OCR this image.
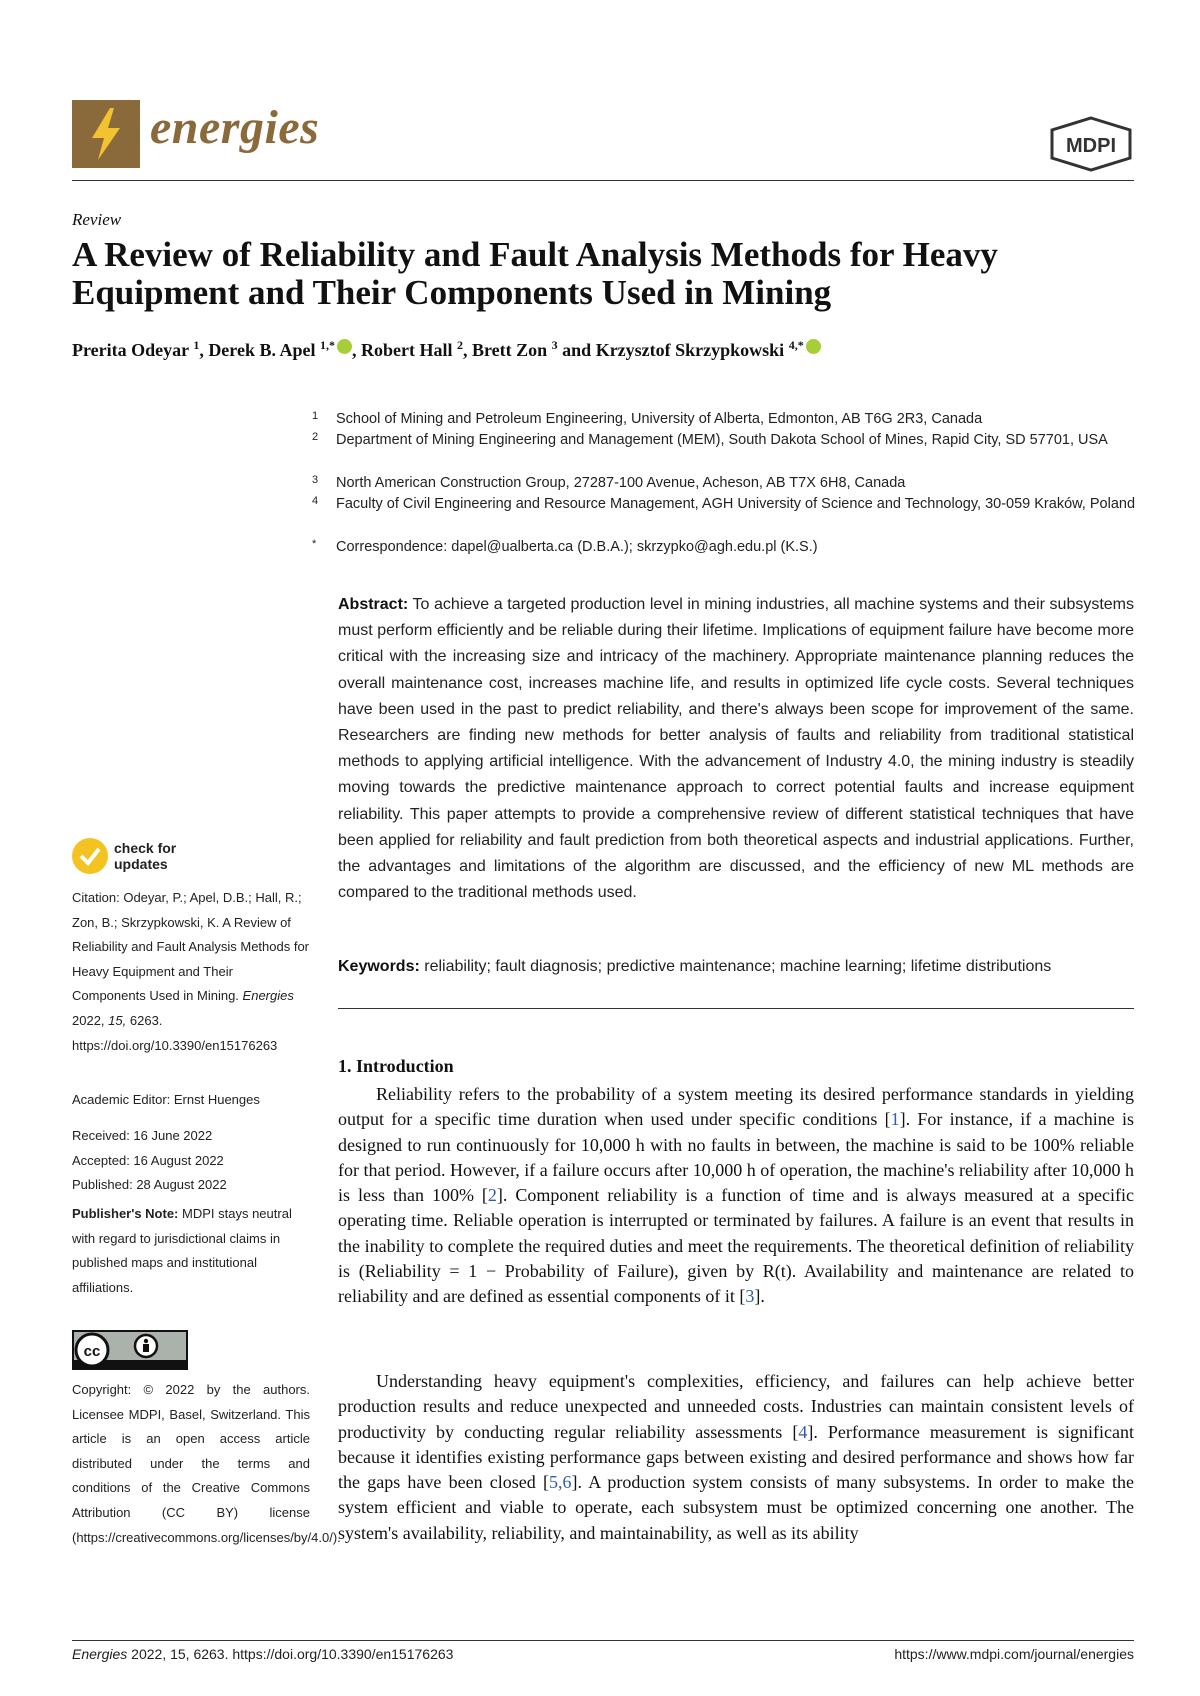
energies	MDPI
Review
A Review of Reliability and Fault Analysis Methods for Heavy Equipment and Their Components Used in Mining
Prerita Odeyar $^1$, Derek B. Apel $^{1,*}$ , Robert Hall $^2$, Brett Zon $^3$ and Krzysztof Skrzypkowski $^{4,*}$
1 School of Mining and Petroleum Engineering, University of Alberta, Edmonton, AB T6G 2R3, Canada
2 Department of Mining Engineering and Management (MEM), South Dakota School of Mines, Rapid City, SD 57701, USA
3 North American Construction Group, 27287-100 Avenue, Acheson, AB T7X 6H8, Canada
4 Faculty of Civil Engineering and Resource Management, AGH University of Science and Technology, 30-059 Kraków, Poland
* Correspondence: dapel@ualberta.ca (D.B.A.); skrzypko@agh.edu.pl (K.S.)
Abstract: To achieve a targeted production level in mining industries, all machine systems and their subsystems must perform efficiently and be reliable during their lifetime. Implications of equipment failure have become more critical with the increasing size and intricacy of the machinery. Appropriate maintenance planning reduces the overall maintenance cost, increases machine life, and results in optimized life cycle costs. Several techniques have been used in the past to predict reliability, and there's always been scope for improvement of the same. Researchers are finding new methods for better analysis of faults and reliability from traditional statistical methods to applying artificial intelligence. With the advancement of Industry 4.0, the mining industry is steadily moving towards the predictive maintenance approach to correct potential faults and increase equipment reliability. This paper attempts to provide a comprehensive review of different statistical techniques that have been applied for reliability and fault prediction from both theoretical aspects and industrial applications. Further, the advantages and limitations of the algorithm are discussed, and the efficiency of new ML methods are compared to the traditional methods used.
Keywords: reliability; fault diagnosis; predictive maintenance; machine learning; lifetime distributions
check for
updates
Citation: Odeyar, P.; Apel, D.B.; Hall, R.; Zon, B.; Skrzypkowski, K. A Review of Reliability and Fault Analysis Methods for Heavy Equipment and Their Components Used in Mining. Energies 2022, 15, 6263. https://doi.org/10.3390/en15176263
Academic Editor: Ernst Huenges
Received: 16 June 2022
Accepted: 16 August 2022
Published: 28 August 2022
Publisher's Note: MDPI stays neutral with regard to jurisdictional claims in published maps and institutional affiliations.
cc
Copyright: © 2022 by the authors. Licensee MDPI, Basel, Switzerland. This article is an open access article distributed under the terms and conditions of the Creative Commons Attribution (CC BY) license (https://creativecommons.org/licenses/by/4.0/).
1. Introduction
Reliability refers to the probability of a system meeting its desired performance standards in yielding output for a specific time duration when used under specific conditions [1]. For instance, if a machine is designed to run continuously for 10,000 h with no faults in between, the machine is said to be 100% reliable for that period. However, if a failure occurs after 10,000 h of operation, the machine's reliability after 10,000 h is less than 100% [2]. Component reliability is a function of time and is always measured at a specific operating time. Reliable operation is interrupted or terminated by failures. A failure is an event that results in the inability to complete the required duties and meet the requirements. The theoretical definition of reliability is (Reliability = 1 − Probability of Failure), given by R(t). Availability and maintenance are related to reliability and are defined as essential components of it [3].
Understanding heavy equipment's complexities, efficiency, and failures can help achieve better production results and reduce unexpected and unneeded costs. Industries can maintain consistent levels of productivity by conducting regular reliability assessments [4]. Performance measurement is significant because it identifies existing performance gaps between existing and desired performance and shows how far the gaps have been closed [5,6]. A production system consists of many subsystems. In order to make the system efficient and viable to operate, each subsystem must be optimized concerning one another. The system's availability, reliability, and maintainability, as well as its ability
Energies 2022, 15, 6263. https://doi.org/10.3390/en15176263	https://www.mdpi.com/journal/energies
